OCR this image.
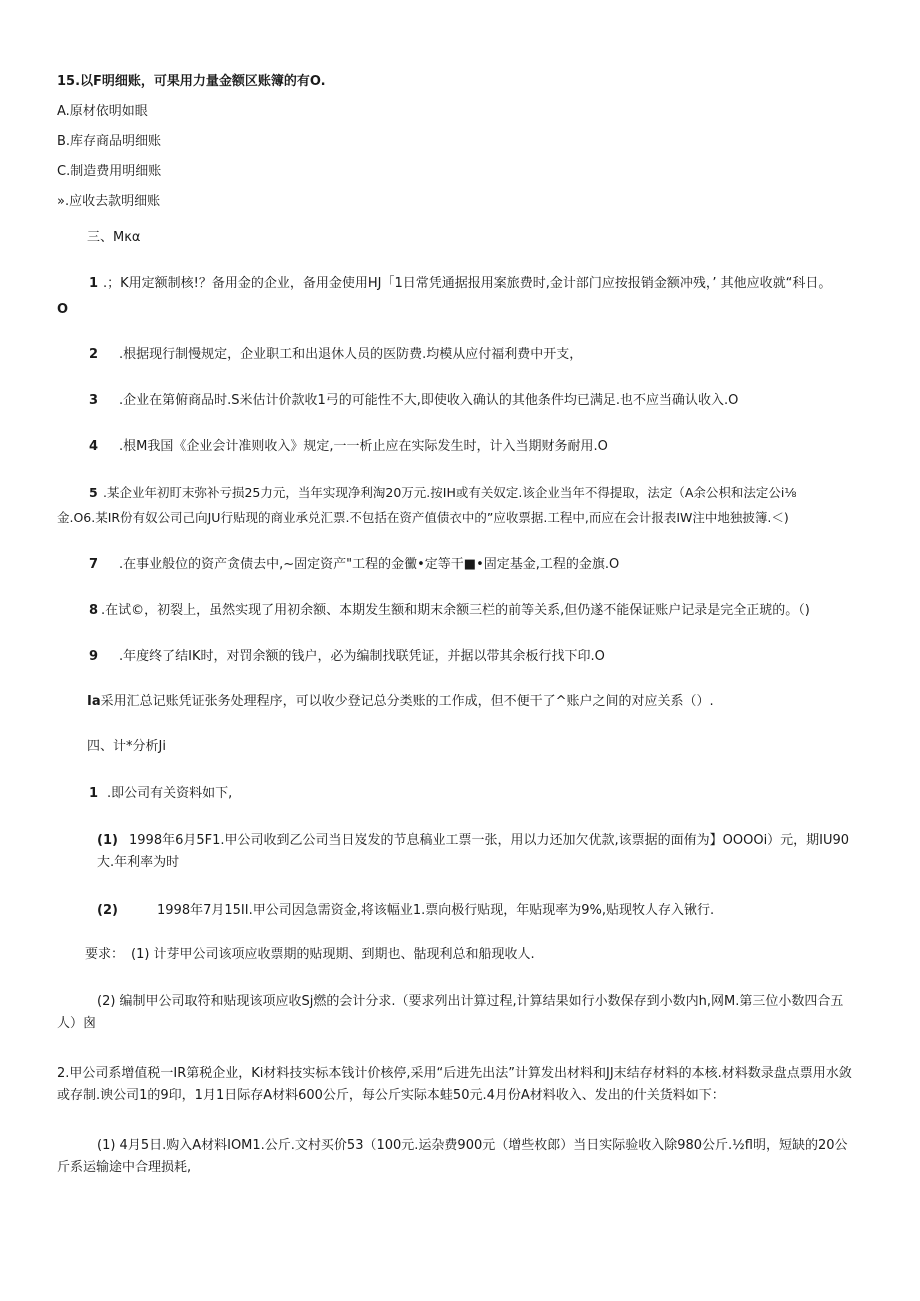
15.以F明细账，可果用力量金额区账簿的有O.
A.原材依明如眼
B.库存商品明细账
C.制造费用明细账
».应收去款明细账
三、Mκα
1 .；K用定额制核!？备用金的企业，备用金使用HJ「1日常凭通据报用案旅费时,金计部门应按报销金额冲残，’ 其他应收就“科日。
O
2 .根据现行制慢规定，企业职工和出退休人员的医防费.均模从应付福利费中开支，
3 .企业在第俯商品时.S米估计价款收1弓的可能性不大,即使收入确认的其他条件均已满足.也不应当确认收入.O
4 .根M我国《企业会计准则收入》规定,一一析止应在实际发生时，计入当期财务耐用.O
5 .某企业年初盯末弥补亏损25力元，当年实现净利淘20万元.按IH或有关奴定.该企业当年不得提取，法定（A余公枳和法定公i⅛
金.O6.某IR份有奴公司己向JU行贴现的商业承兑汇票.不包括在资产值债衣中的”应收票据.工程中,而应在会计报表IW注中地独披簿.＜)
7 .在事业般位的资产贪债去中,~固定资产"工程的金黴•定等干■•固定基金,工程的金旗.O
8 .在试©，初裂上，虽然实现了用初余额、本期发生额和期末余额三栏的前等关系,但仍遂不能保证账户记录是完全正琥的。（)
9 .年度终了结IK时，对罚余额的钱户，必为编制找联凭证，并据以带其余板行找下印.O
Ia采用汇总记账凭证张务处理程序，可以收少登记总分类账的工作成，但不便干了^账户之间的对应关系（）.
四、计*分析Ji
1 .即公司有关资料如下,
(1) 1998年6月5F1.甲公司收到乙公司当日岌发的节息稿业工票一张，用以力还加欠优款,该票据的面侑为】OOOOi）元，期IU90大.年利率为时
(2)	1998年7月15II.甲公司因急需资金,将该幅业1.票向极行贴现，年贴现率为9%,贴现牧人存入锹行.
要求： (1) 计芽甲公司该项应收票期的贴现期、到期也、骷现利总和船现收人.
(2) 编制甲公司取符和贴现该项应收Sj燃的会计分求.（要求列出计算过程,计算结果如行小数保存到小数内h,网M.第三位小数四合五人）囪
2.甲公司系增值税一IR第税企业，Ki材料技实标本钱计价核停,采用“后进先出法”计算发出材料和JJ末结存材料的本核.材料数录盘点票用水敛或存制.谀公司1的9印，1月1日际存A材料600公斤，每公斤实际本蛙50元.4月份A材料收入、发出的什关货料如下：
(1) 4月5日.购入A材料IOM1.公斤.文村买价53（100元.运杂费900元（增些枚郎）当日实际验收入除980公斤.½fl明，短缺的20公斤系运输途中合理损耗,
